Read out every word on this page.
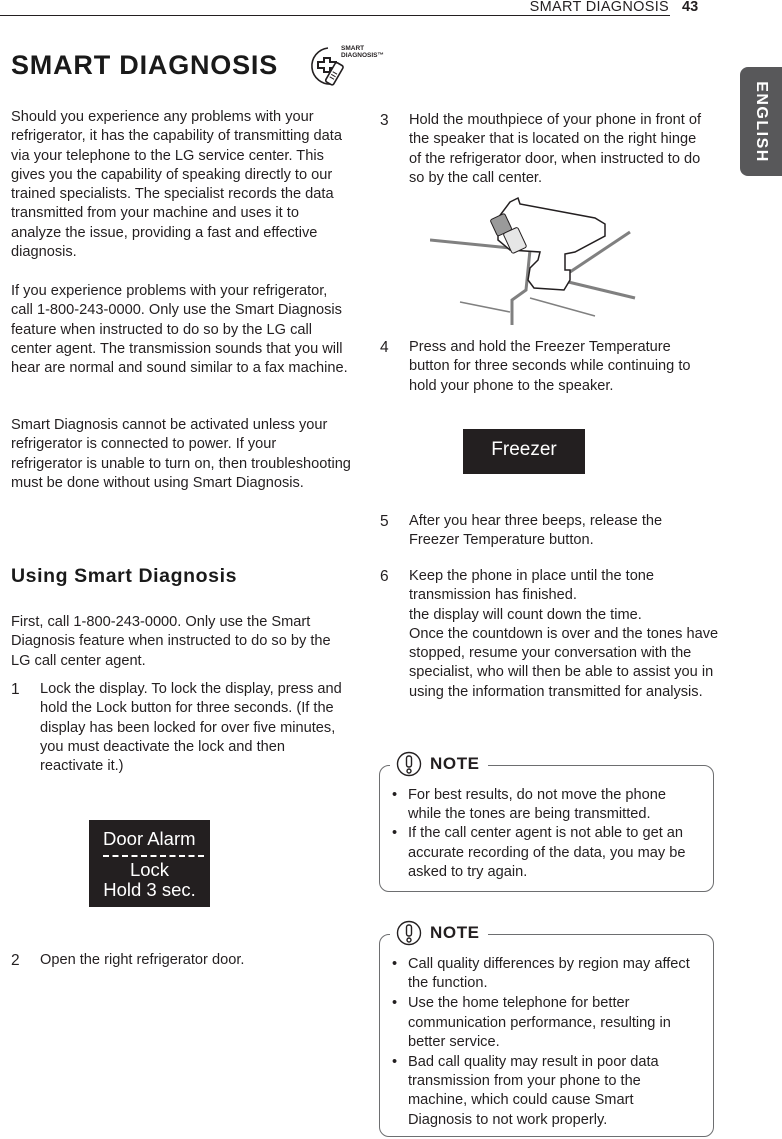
SMART DIAGNOSIS 43
ENGLISH
SMART DIAGNOSIS
SMART
DIAGNOSIS™
Should you experience any problems with your refrigerator, it has the capability of transmitting data via your telephone to the LG service center. This gives you the capability of speaking directly to our trained specialists. The specialist records the data transmitted from your machine and uses it to analyze the issue, providing a fast and effective diagnosis.
If you experience problems with your refrigerator, call 1-800-243-0000. Only use the Smart Diagnosis feature when instructed to do so by the LG call center agent. The transmission sounds that you will hear are normal and sound similar to a fax machine.
Smart Diagnosis cannot be activated unless your refrigerator is connected to power. If your refrigerator is unable to turn on, then troubleshooting must be done without using Smart Diagnosis.
Using Smart Diagnosis
First, call 1-800-243-0000. Only use the Smart Diagnosis feature when instructed to do so by the LG call center agent.
1	Lock the display. To lock the display, press and hold the Lock button for three seconds. (If the display has been locked for over five minutes, you must deactivate the lock and then reactivate it.)
Door Alarm
Lock
Hold 3 sec.
2	Open the right refrigerator door.
3	Hold the mouthpiece of your phone in front of the speaker that is located on the right hinge of the refrigerator door, when instructed to do so by the call center.
4	Press and hold the Freezer Temperature button for three seconds while continuing to hold your phone to the speaker.
Freezer
5	After you hear three beeps, release the Freezer Temperature button.
6	Keep the phone in place until the tone transmission has finished.
the display will count down the time.
Once the countdown is over and the tones have stopped, resume your conversation with the specialist, who will then be able to assist you in using the information transmitted for analysis.
NOTE
• For best results, do not move the phone while the tones are being transmitted.
• If the call center agent is not able to get an accurate recording of the data, you may be asked to try again.
NOTE
• Call quality differences by region may affect the function.
• Use the home telephone for better communication performance, resulting in better service.
• Bad call quality may result in poor data transmission from your phone to the machine, which could cause Smart Diagnosis to not work properly.
